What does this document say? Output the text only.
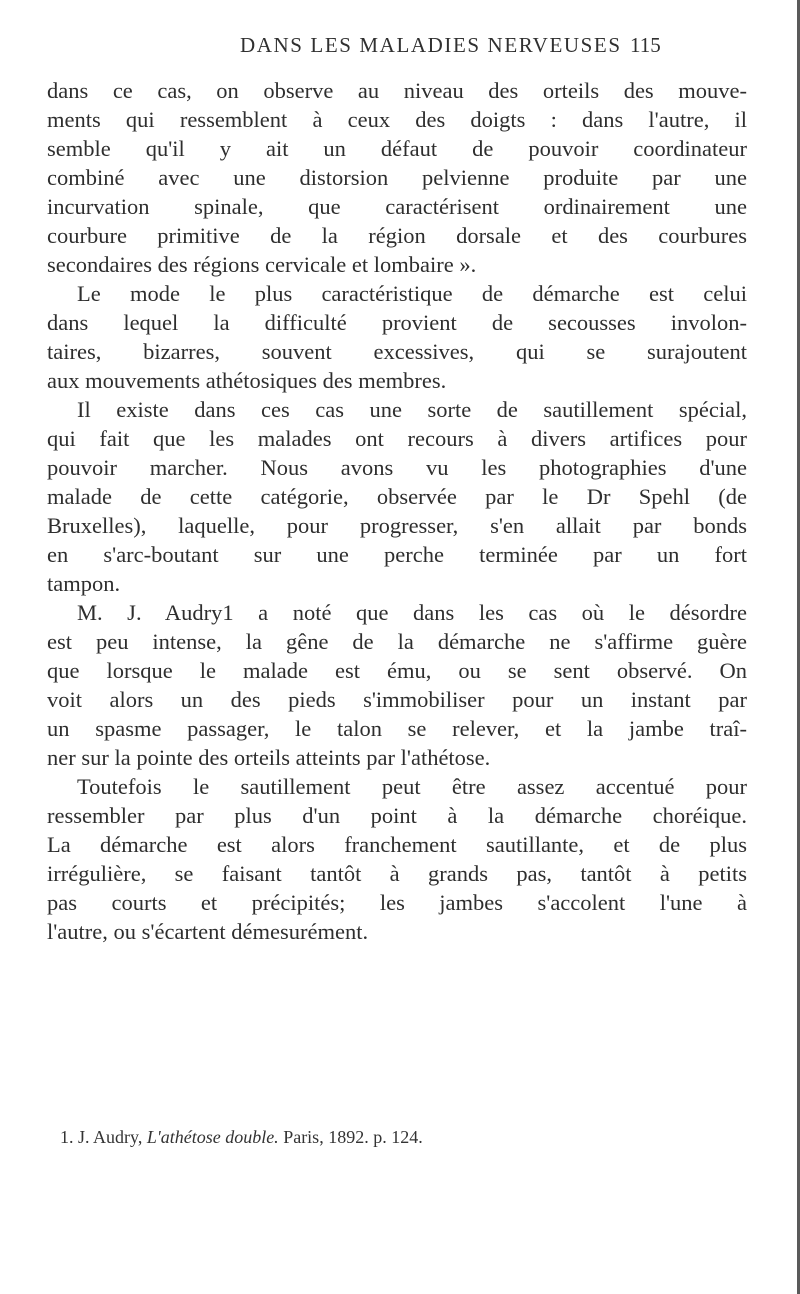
DANS LES MALADIES NERVEUSES 115
dans ce cas, on observe au niveau des orteils des mouve-
ments qui ressemblent à ceux des doigts : dans l'autre, il
semble qu'il y ait un défaut de pouvoir coordinateur
combiné avec une distorsion pelvienne produite par une
incurvation spinale, que caractérisent ordinairement une
courbure primitive de la région dorsale et des courbures
secondaires des régions cervicale et lombaire ».
Le mode le plus caractéristique de démarche est celui
dans lequel la difficulté provient de secousses involon-
taires, bizarres, souvent excessives, qui se surajoutent
aux mouvements athétosiques des membres.
Il existe dans ces cas une sorte de sautillement spécial,
qui fait que les malades ont recours à divers artifices pour
pouvoir marcher. Nous avons vu les photographies d'une
malade de cette catégorie, observée par le Dr Spehl (de
Bruxelles), laquelle, pour progresser, s'en allait par bonds
en s'arc-boutant sur une perche terminée par un fort
tampon.
M. J. Audry1 a noté que dans les cas où le désordre
est peu intense, la gêne de la démarche ne s'affirme guère
que lorsque le malade est ému, ou se sent observé. On
voit alors un des pieds s'immobiliser pour un instant par
un spasme passager, le talon se relever, et la jambe traî-
ner sur la pointe des orteils atteints par l'athétose.
Toutefois le sautillement peut être assez accentué pour
ressembler par plus d'un point à la démarche choréique.
La démarche est alors franchement sautillante, et de plus
irrégulière, se faisant tantôt à grands pas, tantôt à petits
pas courts et précipités; les jambes s'accolent l'une à
l'autre, ou s'écartent démesurément.
1. J. Audry, L'athétose double. Paris, 1892. p. 124.
